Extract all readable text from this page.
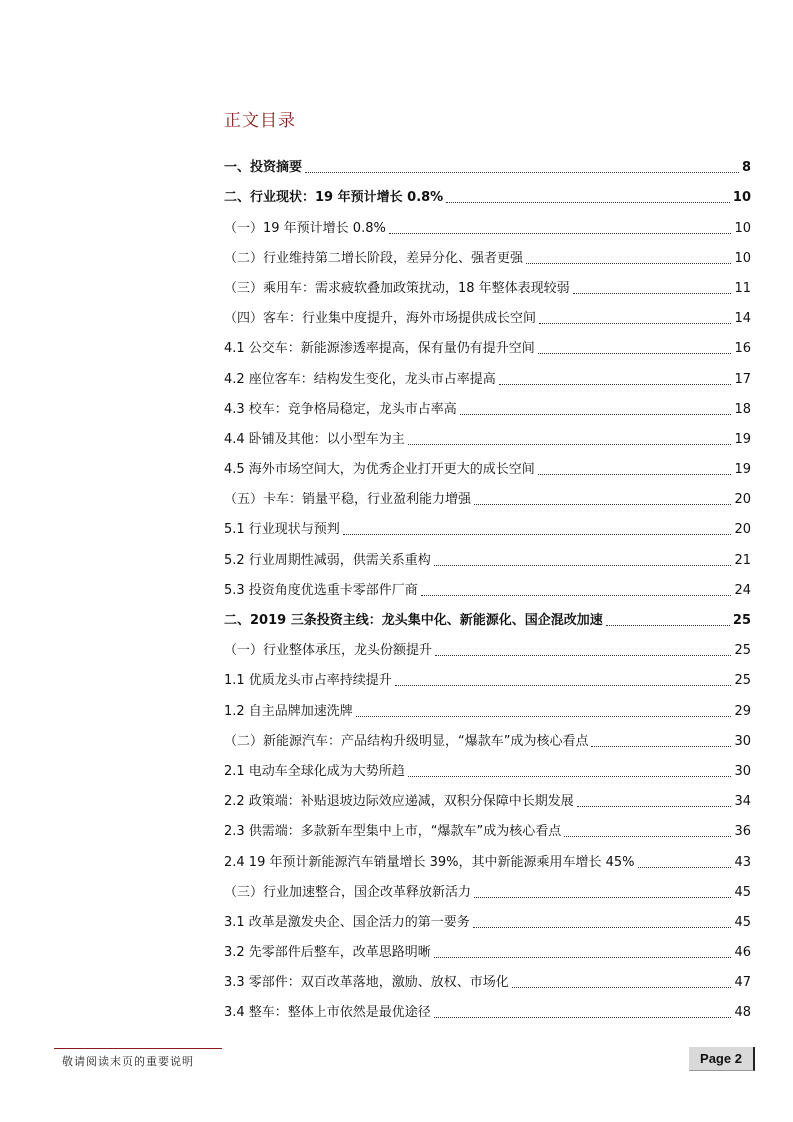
正文目录
一、投资摘要	8
二、行业现状：19 年预计增长 0.8%	10
（一）19 年预计增长 0.8%	10
（二）行业维持第二增长阶段，差异分化、强者更强	10
（三）乘用车：需求疲软叠加政策扰动，18 年整体表现较弱	11
（四）客车：行业集中度提升，海外市场提供成长空间	14
4.1 公交车：新能源渗透率提高，保有量仍有提升空间	16
4.2 座位客车：结构发生变化，龙头市占率提高	17
4.3 校车：竞争格局稳定，龙头市占率高	18
4.4 卧铺及其他：以小型车为主	19
4.5 海外市场空间大，为优秀企业打开更大的成长空间	19
（五）卡车：销量平稳，行业盈利能力增强	20
5.1 行业现状与预判	20
5.2 行业周期性减弱，供需关系重构	21
5.3 投资角度优选重卡零部件厂商	24
二、2019 三条投资主线：龙头集中化、新能源化、国企混改加速	25
（一）行业整体承压，龙头份额提升	25
1.1 优质龙头市占率持续提升	25
1.2 自主品牌加速洗牌	29
（二）新能源汽车：产品结构升级明显，“爆款车”成为核心看点	30
2.1 电动车全球化成为大势所趋	30
2.2 政策端：补贴退坡边际效应递减，双积分保障中长期发展	34
2.3 供需端：多款新车型集中上市，“爆款车”成为核心看点	36
2.4 19 年预计新能源汽车销量增长 39%，其中新能源乘用车增长 45%	43
（三）行业加速整合，国企改革释放新活力	45
3.1 改革是激发央企、国企活力的第一要务	45
3.2 先零部件后整车，改革思路明晰	46
3.3 零部件：双百改革落地，激励、放权、市场化	47
3.4 整车：整体上市依然是最优途径	48
敬请阅读末页的重要说明	Page 2
